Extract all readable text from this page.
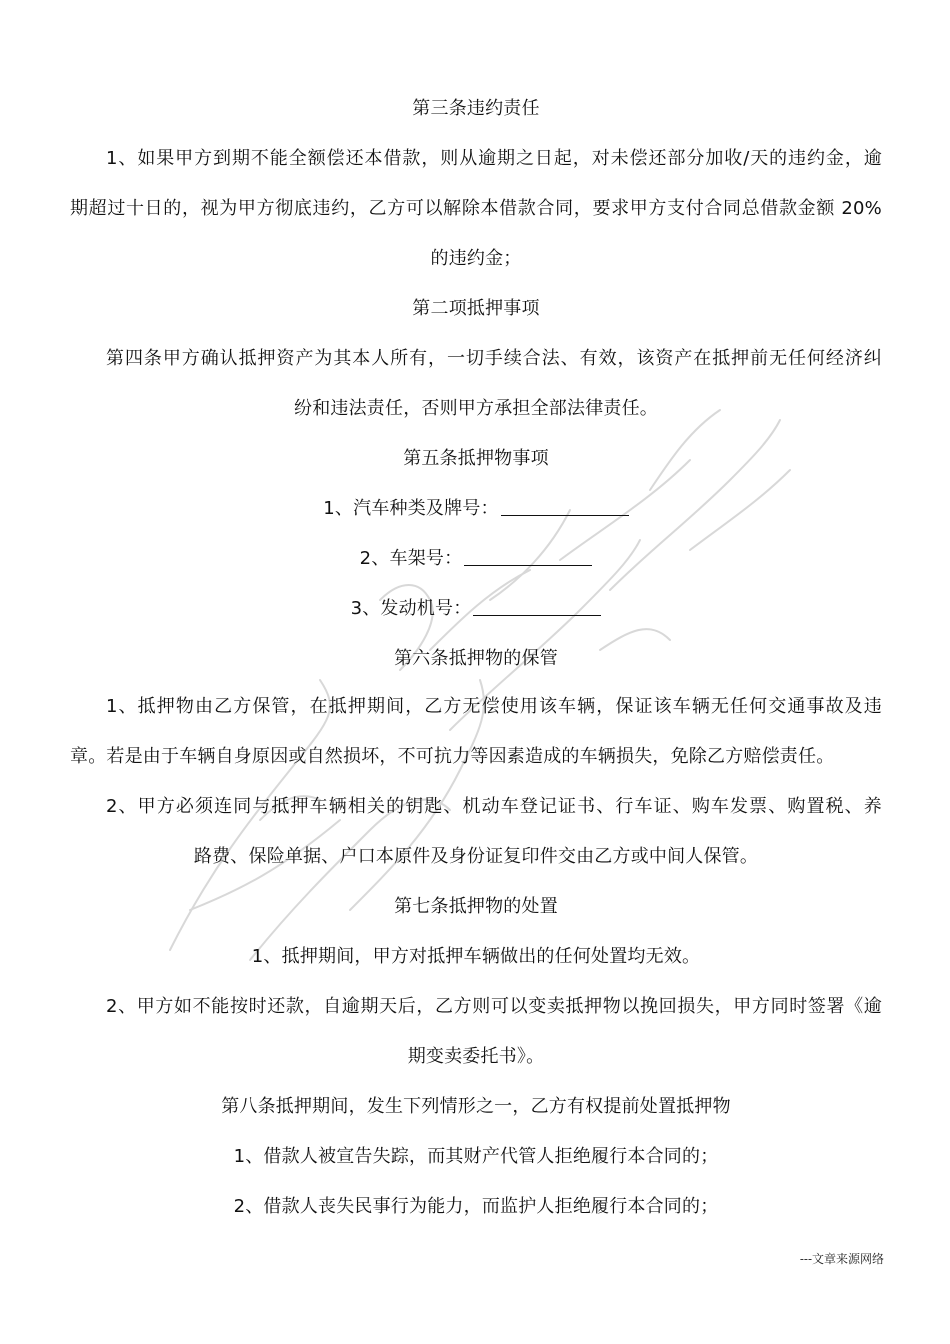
第三条违约责任
1、如果甲方到期不能全额偿还本借款，则从逾期之日起，对未偿还部分加收/天的违约金，逾
期超过十日的，视为甲方彻底违约，乙方可以解除本借款合同，要求甲方支付合同总借款金额 20%
的违约金；
第二项抵押事项
第四条甲方确认抵押资产为其本人所有，一切手续合法、有效，该资产在抵押前无任何经济纠
纷和违法责任，否则甲方承担全部法律责任。
第五条抵押物事项
1、汽车种类及牌号：
2、车架号：
3、发动机号：
第六条抵押物的保管
1、抵押物由乙方保管，在抵押期间，乙方无偿使用该车辆，保证该车辆无任何交通事故及违
章。若是由于车辆自身原因或自然损坏，不可抗力等因素造成的车辆损失，免除乙方赔偿责任。
2、甲方必须连同与抵押车辆相关的钥匙、机动车登记证书、行车证、购车发票、购置税、养
路费、保险单据、户口本原件及身份证复印件交由乙方或中间人保管。
第七条抵押物的处置
1、抵押期间，甲方对抵押车辆做出的任何处置均无效。
2、甲方如不能按时还款，自逾期天后，乙方则可以变卖抵押物以挽回损失，甲方同时签署《逾
期变卖委托书》。
第八条抵押期间，发生下列情形之一，乙方有权提前处置抵押物
1、借款人被宣告失踪，而其财产代管人拒绝履行本合同的；
2、借款人丧失民事行为能力，而监护人拒绝履行本合同的；
---文章来源网络
